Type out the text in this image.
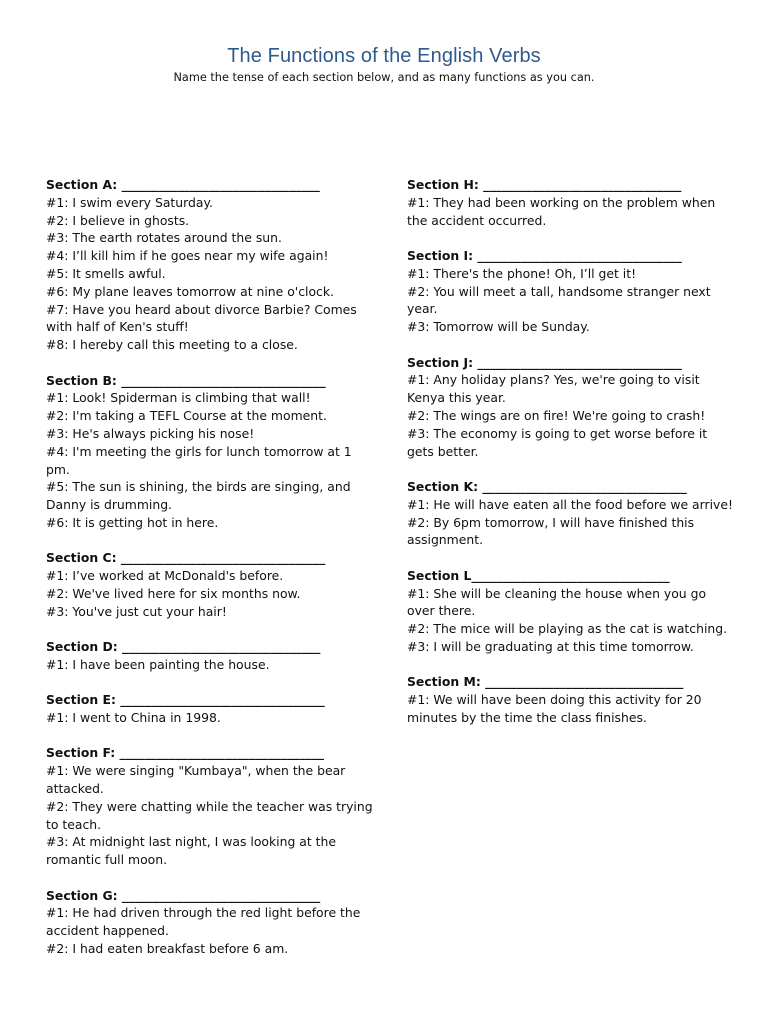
The Functions of the English Verbs
Name the tense of each section below, and as many functions as you can.
Section A: ________________________________
#1: I swim every Saturday.
#2: I believe in ghosts.
#3: The earth rotates around the sun.
#4: I’ll kill him if he goes near my wife again!
#5: It smells awful.
#6: My plane leaves tomorrow at nine o'clock.
#7: Have you heard about divorce Barbie? Comes with half of Ken's stuff!
#8: I hereby call this meeting to a close.
Section B: _________________________________
#1: Look! Spiderman is climbing that wall!
#2: I'm taking a TEFL Course at the moment.
#3: He's always picking his nose!
#4: I'm meeting the girls for lunch tomorrow at 1 pm.
#5: The sun is shining, the birds are singing, and Danny is drumming.
#6: It is getting hot in here.
Section C: _________________________________
#1: I’ve worked at McDonald's before.
#2: We've lived here for six months now.
#3: You've just cut your hair!
Section D: ________________________________
#1: I have been painting the house.
Section E: _________________________________
#1: I went to China in 1998.
Section F: _________________________________
#1: We were singing "Kumbaya", when the bear attacked.
#2: They were chatting while the teacher was trying to teach.
#3: At midnight last night, I was looking at the romantic full moon.
Section G: ________________________________
#1: He had driven through the red light before the accident happened.
#2: I had eaten breakfast before 6 am.
Section H: ________________________________
#1: They had been working on the problem when the accident occurred.
Section I: _________________________________
#1: There's the phone! Oh, I’ll get it!
#2: You will meet a tall, handsome stranger next year.
#3: Tomorrow will be Sunday.
Section J: _________________________________
#1: Any holiday plans? Yes, we're going to visit Kenya this year.
#2: The wings are on fire! We're going to crash!
#3: The economy is going to get worse before it gets better.
Section K: _________________________________
#1: He will have eaten all the food before we arrive!
#2: By 6pm tomorrow, I will have finished this assignment.
Section L________________________________
#1: She will be cleaning the house when you go over there.
#2: The mice will be playing as the cat is watching.
#3: I will be graduating at this time tomorrow.
Section M: ________________________________
#1: We will have been doing this activity for 20 minutes by the time the class finishes.
